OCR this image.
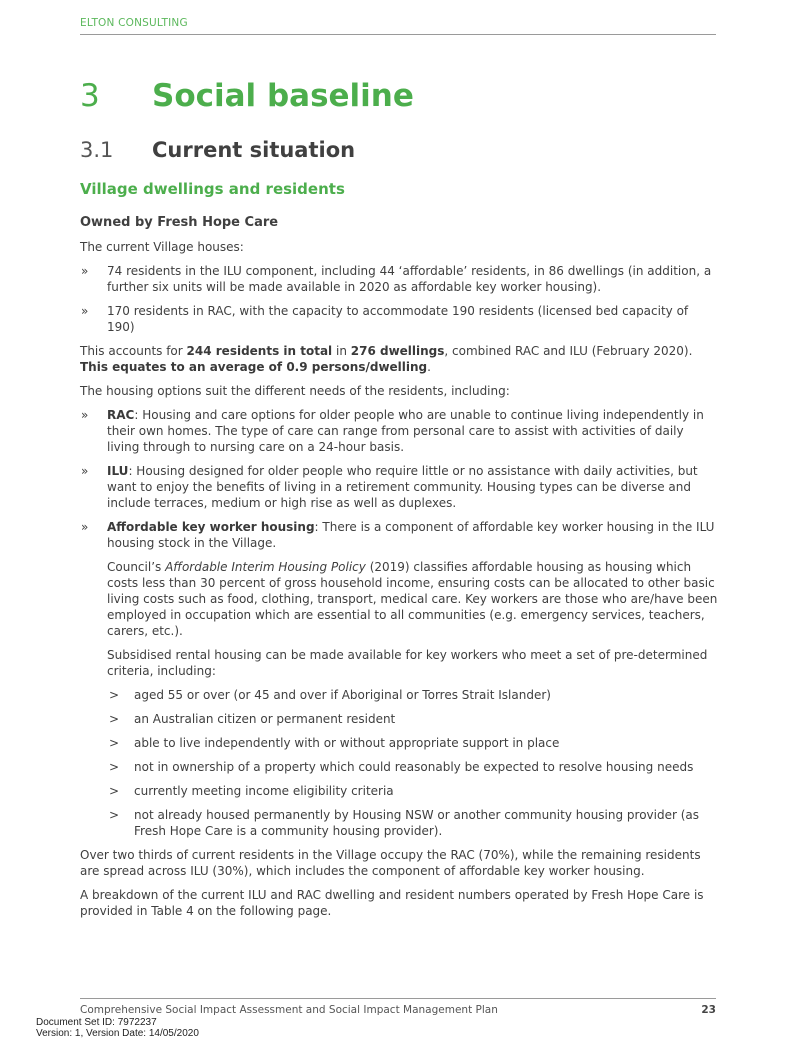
ELTON CONSULTING
3 Social baseline
3.1 Current situation
Village dwellings and residents
Owned by Fresh Hope Care

The current Village houses:

» 74 residents in the ILU component, including 44 ‘affordable’ residents, in 86 dwellings (in addition, a further six units will be made available in 2020 as affordable key worker housing).
» 170 residents in RAC, with the capacity to accommodate 190 residents (licensed bed capacity of 190)

This accounts for 244 residents in total in 276 dwellings, combined RAC and ILU (February 2020). This equates to an average of 0.9 persons/dwelling.

The housing options suit the different needs of the residents, including:

» RAC: Housing and care options for older people who are unable to continue living independently in their own homes. The type of care can range from personal care to assist with activities of daily living through to nursing care on a 24-hour basis.
» ILU: Housing designed for older people who require little or no assistance with daily activities, but want to enjoy the benefits of living in a retirement community. Housing types can be diverse and include terraces, medium or high rise as well as duplexes.
» Affordable key worker housing: There is a component of affordable key worker housing in the ILU housing stock in the Village.

Council’s Affordable Interim Housing Policy (2019) classifies affordable housing as housing which costs less than 30 percent of gross household income, ensuring costs can be allocated to other basic living costs such as food, clothing, transport, medical care. Key workers are those who are/have been employed in occupation which are essential to all communities (e.g. emergency services, teachers, carers, etc.).

Subsidised rental housing can be made available for key workers who meet a set of pre-determined criteria, including:

> aged 55 or over (or 45 and over if Aboriginal or Torres Strait Islander)
> an Australian citizen or permanent resident
> able to live independently with or without appropriate support in place
> not in ownership of a property which could reasonably be expected to resolve housing needs
> currently meeting income eligibility criteria
> not already housed permanently by Housing NSW or another community housing provider (as Fresh Hope Care is a community housing provider).

Over two thirds of current residents in the Village occupy the RAC (70%), while the remaining residents are spread across ILU (30%), which includes the component of affordable key worker housing.

A breakdown of the current ILU and RAC dwelling and resident numbers operated by Fresh Hope Care is provided in Table 4 on the following page.

Comprehensive Social Impact Assessment and Social Impact Management Plan	23
Document Set ID: 7972237
Version: 1, Version Date: 14/05/2020
